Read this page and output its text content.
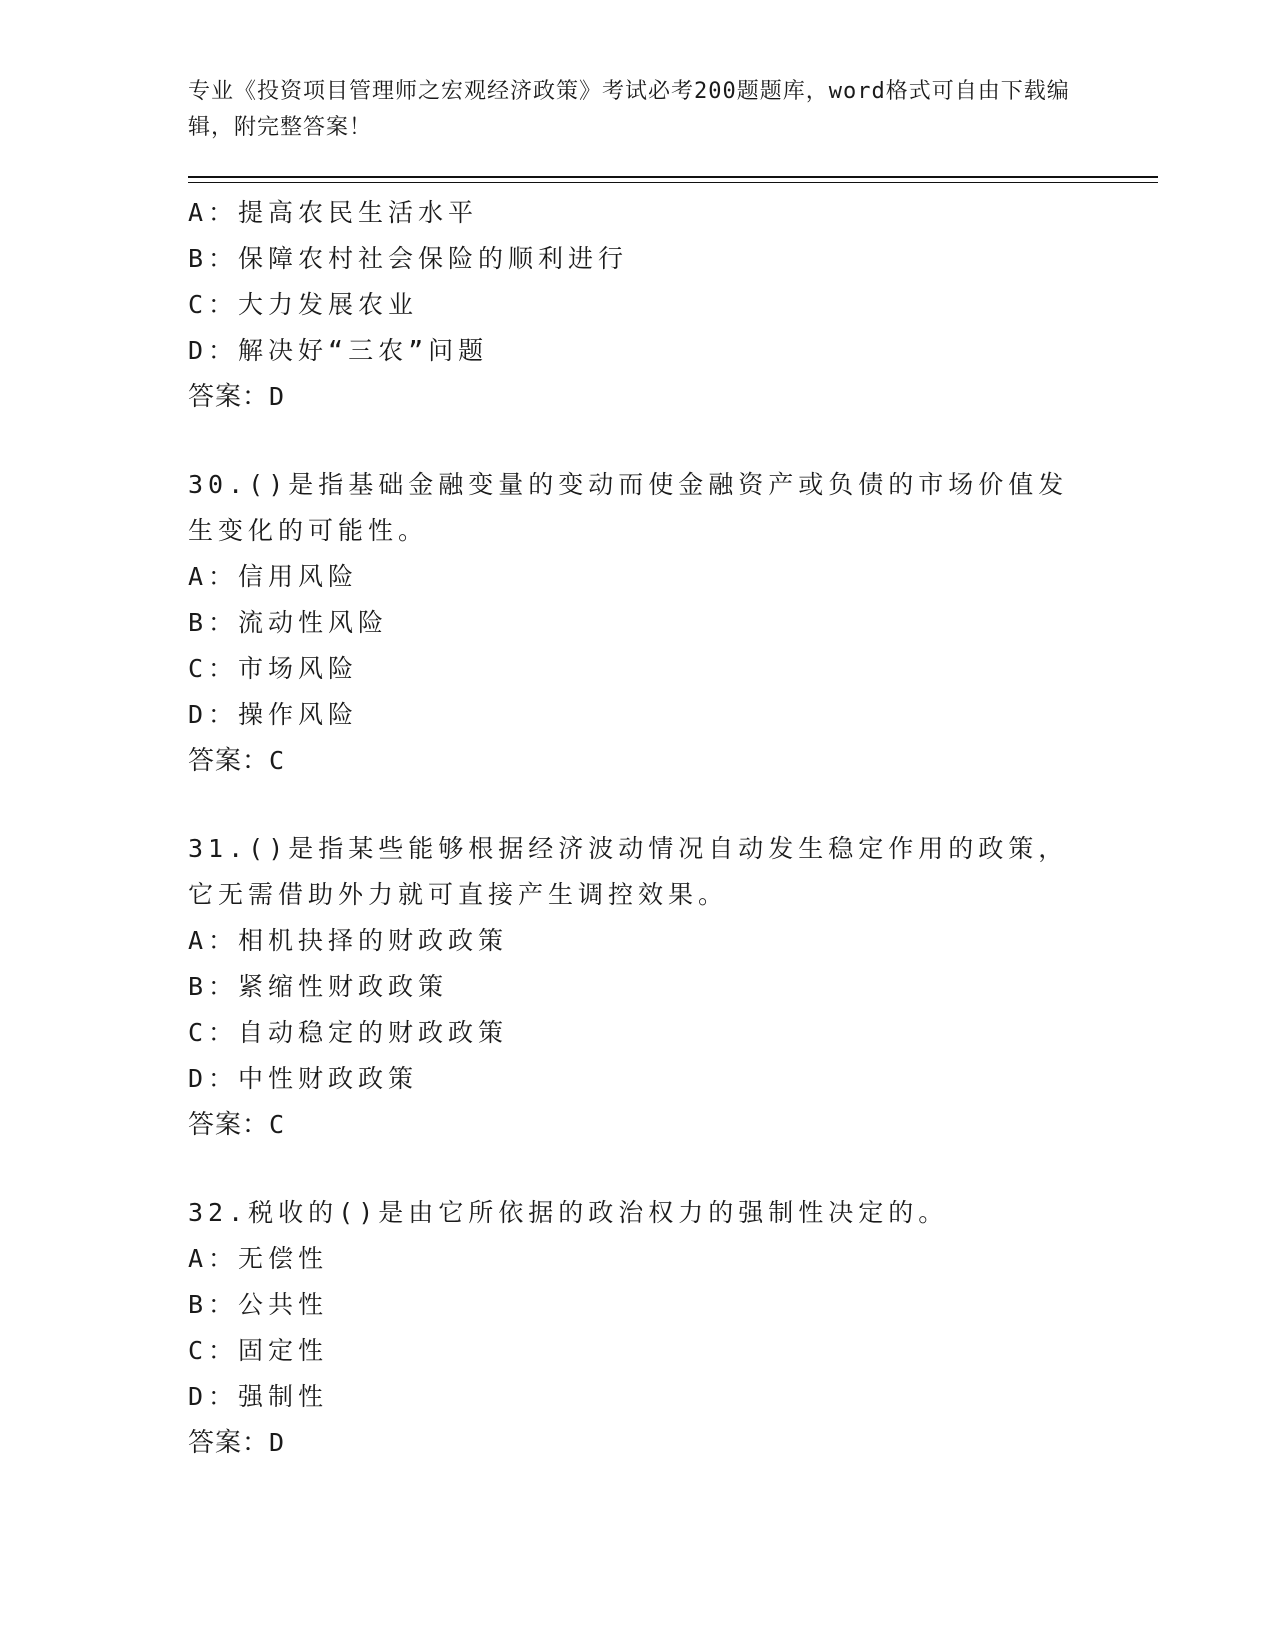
专业《投资项目管理师之宏观经济政策》考试必考200题题库，word格式可自由下载编辑，附完整答案！
A：提高农民生活水平
B：保障农村社会保险的顺利进行
C：大力发展农业
D：解决好“三农”问题
答案：D
30.()是指基础金融变量的变动而使金融资产或负债的市场价值发生变化的可能性。
A：信用风险
B：流动性风险
C：市场风险
D：操作风险
答案：C
31.()是指某些能够根据经济波动情况自动发生稳定作用的政策，它无需借助外力就可直接产生调控效果。
A：相机抉择的财政政策
B：紧缩性财政政策
C：自动稳定的财政政策
D：中性财政政策
答案：C
32.税收的()是由它所依据的政治权力的强制性决定的。
A：无偿性
B：公共性
C：固定性
D：强制性
答案：D
